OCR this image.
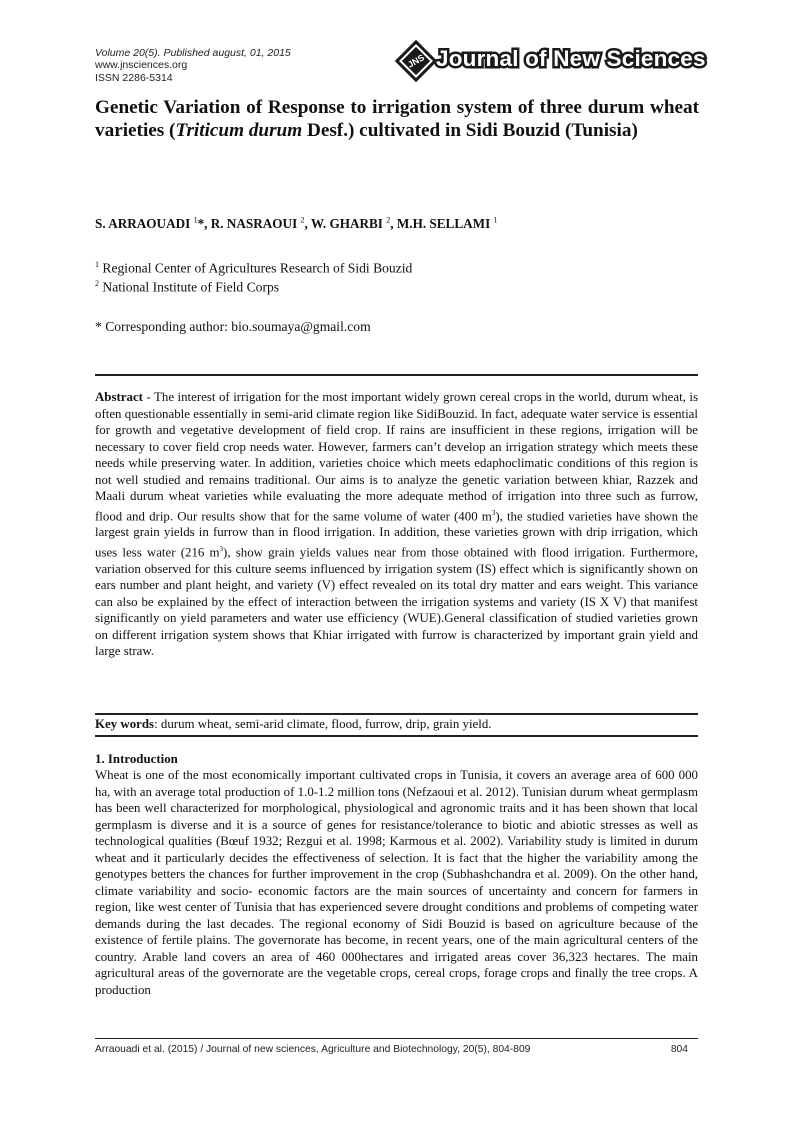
Volume 20(5). Published august, 01, 2015
www.jnsciences.org
ISSN 2286-5314
JNS Journal of New Sciences
Genetic Variation of Response to irrigation system of three durum wheat varieties (Triticum durum Desf.) cultivated in Sidi Bouzid (Tunisia)
S. ARRAOUADI $^1$*, R. NASRAOUI $^2$, W. GHARBI $^2$, M.H. SELLAMI $^1$
$^1$ Regional Center of Agricultures Research of Sidi Bouzid
$^2$ National Institute of Field Corps
* Corresponding author: bio.soumaya@gmail.com
Abstract - The interest of irrigation for the most important widely grown cereal crops in the world, durum wheat, is often questionable essentially in semi-arid climate region like SidiBouzid. In fact, adequate water service is essential for growth and vegetative development of field crop. If rains are insufficient in these regions, irrigation will be necessary to cover field crop needs water. However, farmers can’t develop an irrigation strategy which meets these needs while preserving water. In addition, varieties choice which meets edaphoclimatic conditions of this region is not well studied and remains traditional. Our aims is to analyze the genetic variation between khiar, Razzek and Maali durum wheat varieties while evaluating the more adequate method of irrigation into three such as furrow, flood and drip. Our results show that for the same volume of water (400 $m^3$), the studied varieties have shown the largest grain yields in furrow than in flood irrigation. In addition, these varieties grown with drip irrigation, which uses less water (216 $m^3$), show grain yields values near from those obtained with flood irrigation. Furthermore, variation observed for this culture seems influenced by irrigation system (IS) effect which is significantly shown on ears number and plant height, and variety (V) effect revealed on its total dry matter and ears weight. This variance can also be explained by the effect of interaction between the irrigation systems and variety (IS X V) that manifest significantly on yield parameters and water use efficiency (WUE).General classification of studied varieties grown on different irrigation system shows that Khiar irrigated with furrow is characterized by important grain yield and large straw.
Key words: durum wheat, semi-arid climate, flood, furrow, drip, grain yield.
1. Introduction
Wheat is one of the most economically important cultivated crops in Tunisia, it covers an average area of 600 000 ha, with an average total production of 1.0-1.2 million tons (Nefzaoui et al. 2012). Tunisian durum wheat germplasm has been well characterized for morphological, physiological and agronomic traits and it has been shown that local germplasm is diverse and it is a source of genes for resistance/tolerance to biotic and abiotic stresses as well as technological qualities (Bœuf 1932; Rezgui et al. 1998; Karmous et al. 2002). Variability study is limited in durum wheat and it particularly decides the effectiveness of selection. It is fact that the higher the variability among the genotypes betters the chances for further improvement in the crop (Subhashchandra et al. 2009). On the other hand, climate variability and socio- economic factors are the main sources of uncertainty and concern for farmers in region, like west center of Tunisia that has experienced severe drought conditions and problems of competing water demands during the last decades. The regional economy of Sidi Bouzid is based on agriculture because of the existence of fertile plains. The governorate has become, in recent years, one of the main agricultural centers of the country. Arable land covers an area of 460 000hectares and irrigated areas cover 36,323 hectares. The main agricultural areas of the governorate are the vegetable crops, cereal crops, forage crops and finally the tree crops. A production
Arraouadi et al. (2015) / Journal of new sciences, Agriculture and Biotechnology, 20(5), 804-809	804
